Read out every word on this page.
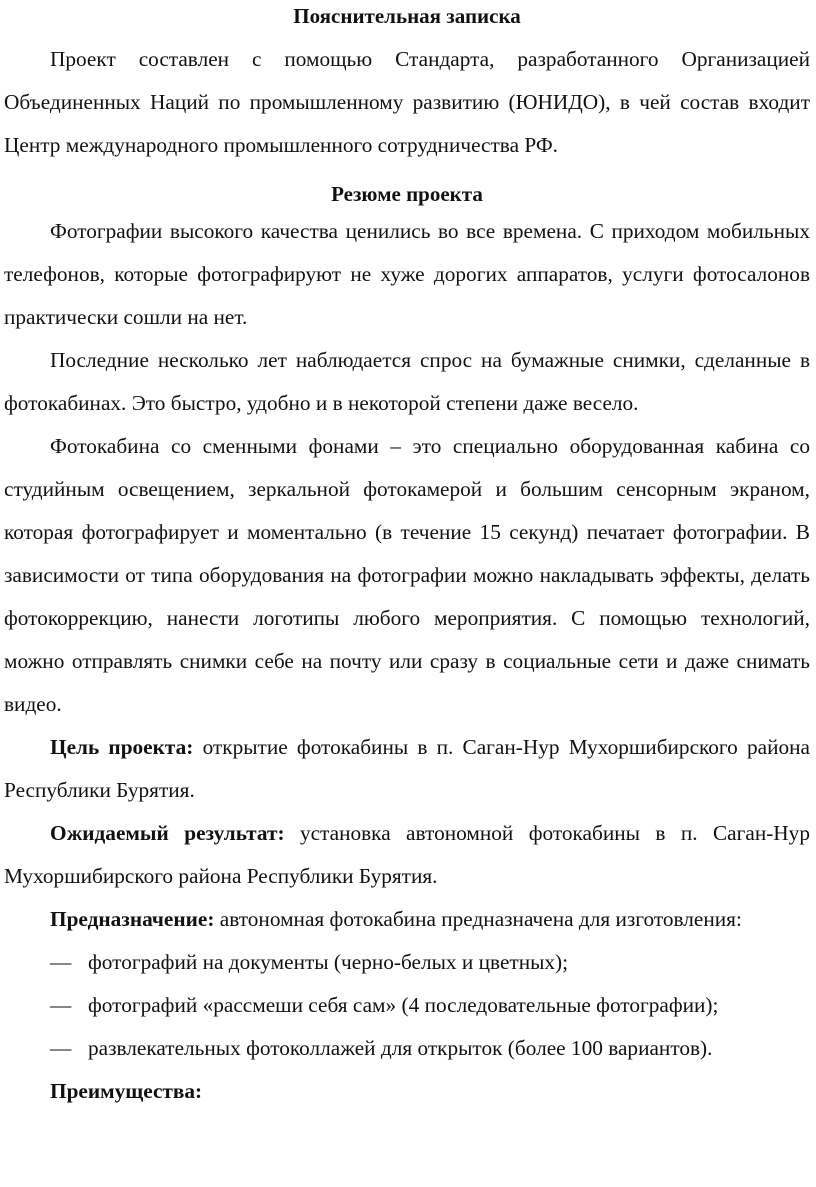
Пояснительная записка

Проект составлен с помощью Стандарта, разработанного Организацией Объединенных Наций по промышленному развитию (ЮНИДО), в чей состав входит Центр международного промышленного сотрудничества РФ.

Резюме проекта

Фотографии высокого качества ценились во все времена. С приходом мобильных телефонов, которые фотографируют не хуже дорогих аппаратов, услуги фотосалонов практически сошли на нет.

Последние несколько лет наблюдается спрос на бумажные снимки, сделанные в фотокабинах. Это быстро, удобно и в некоторой степени даже весело.

Фотокабина со сменными фонами – это специально оборудованная кабина со студийным освещением, зеркальной фотокамерой и большим сенсорным экраном, которая фотографирует и моментально (в течение 15 секунд) печатает фотографии. В зависимости от типа оборудования на фотографии можно накладывать эффекты, делать фотокоррекцию, нанести логотипы любого мероприятия. С помощью технологий, можно отправлять снимки себе на почту или сразу в социальные сети и даже снимать видео.

Цель проекта: открытие фотокабины в п. Саган-Нур Мухоршибирского района Республики Бурятия.

Ожидаемый результат: установка автономной фотокабины в п. Саган-Нур Мухоршибирского района Республики Бурятия.

Предназначение: автономная фотокабина предназначена для изготовления:

— фотографий на документы (черно-белых и цветных);
— фотографий «рассмеши себя сам» (4 последовательные фотографии);
— развлекательных фотоколлажей для открыток (более 100 вариантов).

Преимущества:
